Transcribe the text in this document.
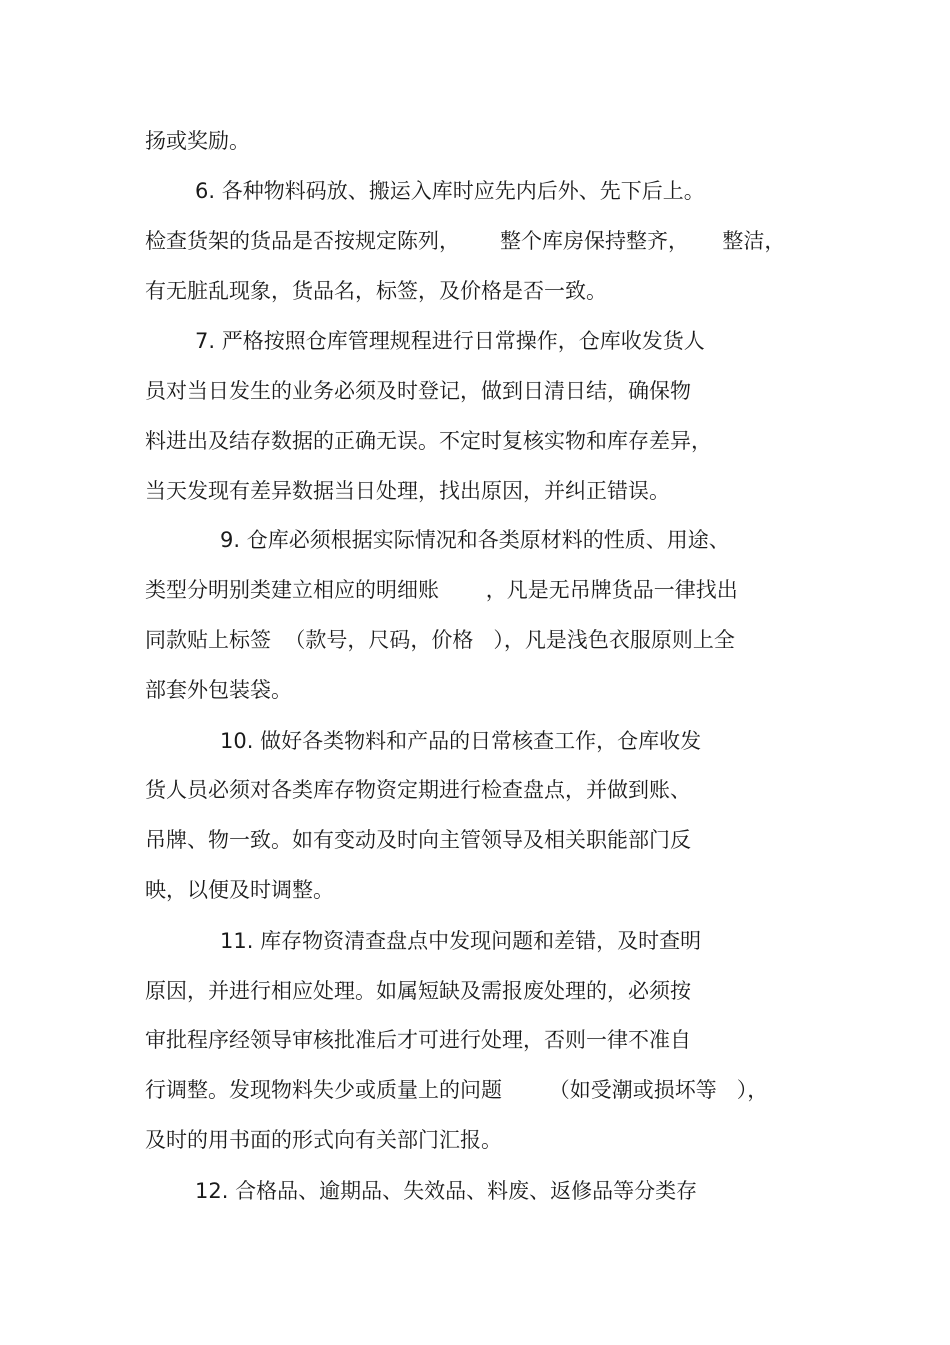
扬或奖励。
6. 各种物料码放、搬运入库时应先内后外、先下后上。
检查货架的货品是否按规定陈列，      整个库房保持整齐，     整洁，
有无脏乱现象，货品名，标签，及价格是否一致。
7. 严格按照仓库管理规程进行日常操作，仓库收发货人
员对当日发生的业务必须及时登记，做到日清日结，确保物
料进出及结存数据的正确无误。不定时复核实物和库存差异，
当天发现有差异数据当日处理，找出原因，并纠正错误。
9. 仓库必须根据实际情况和各类原材料的性质、用途、
类型分明别类建立相应的明细账       ，凡是无吊牌货品一律找出
同款贴上标签  （款号，尺码，价格   ），凡是浅色衣服原则上全
部套外包装袋。
10. 做好各类物料和产品的日常核查工作，仓库收发
货人员必须对各类库存物资定期进行检查盘点，并做到账、
吊牌、物一致。如有变动及时向主管领导及相关职能部门反
映，以便及时调整。
11. 库存物资清查盘点中发现问题和差错，及时查明
原因，并进行相应处理。如属短缺及需报废处理的，必须按
审批程序经领导审核批准后才可进行处理，否则一律不准自
行调整。发现物料失少或质量上的问题       （如受潮或损坏等   ），
及时的用书面的形式向有关部门汇报。
12. 合格品、逾期品、失效品、料废、返修品等分类存
